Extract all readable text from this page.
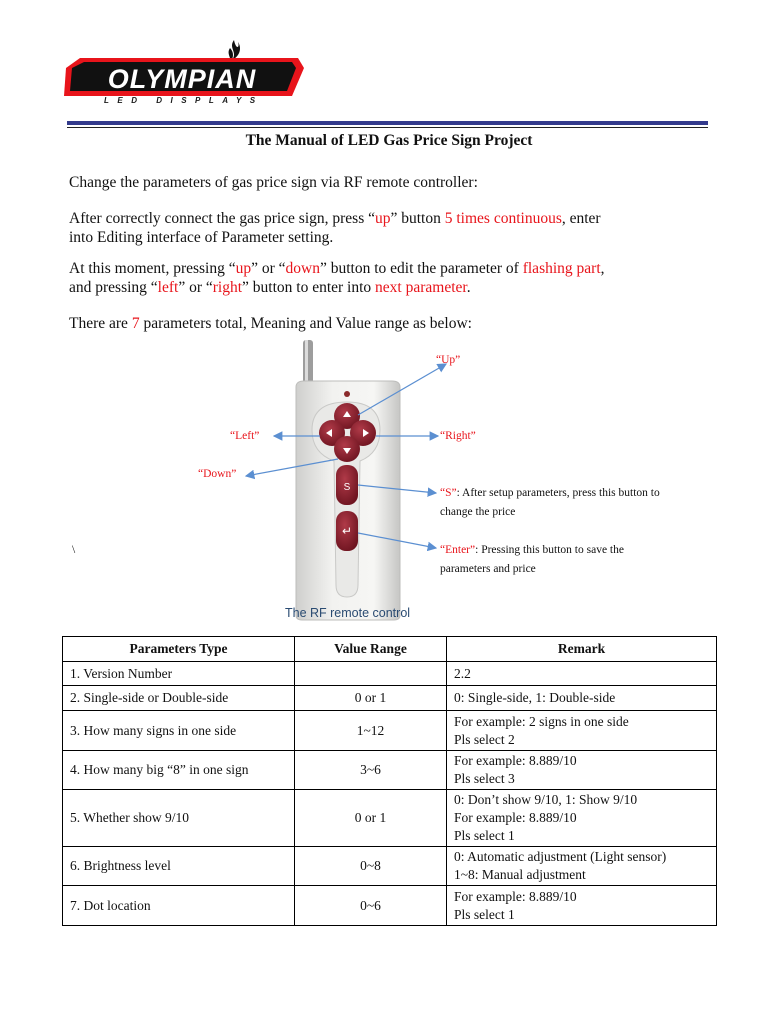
OLYMPIAN
LED DISPLAYS
The Manual of LED Gas Price Sign Project
Change the parameters of gas price sign via RF remote controller:
After correctly connect the gas price sign, press “up” button 5 times continuous, enter
into Editing interface of Parameter setting.
At this moment, pressing “up” or “down” button to edit the parameter of flashing part,
and pressing “left” or “right” button to enter into next parameter.
There are 7 parameters total, Meaning and Value range as below:
S
↵
“Up”
“Left”	“Right”
“Down”
“S”: After setup parameters, press this button to
change the price
“Enter”: Pressing this button to save the
parameters and price
\
The RF remote control
Parameters Type	Value Range	Remark
1. Version Number		2.2

2. Single-side or Double-side	0 or 1	0: Single-side, 1: Double-side

3. How many signs in one side	1~12	For example: 2 signs in one side
Pls select 2

4. How many big “8” in one sign	3~6	For example: 8.889/10
Pls select 3

5. Whether show 9/10	0 or 1	0: Don’t show 9/10, 1: Show 9/10
For example: 8.889/10
Pls select 1

6. Brightness level	0~8	0: Automatic adjustment (Light sensor)
1~8: Manual adjustment

7. Dot location	0~6	For example: 8.889/10
Pls select 1
